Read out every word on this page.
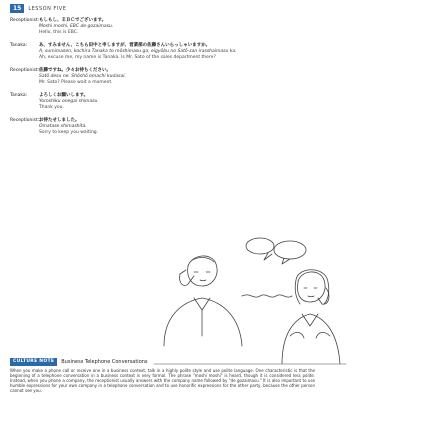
15	LESSON FIVE
Receptionist: もしもし、ＥＢＣでございます。
Moshi moshi, EBC de gozaimasu.
Hello, this is EBC.
Tanaka:	あ、すみません、こちら田中と申しますが、営業部の佐藤さんいらっしゃいますか。
A, sumimasen, kochira Tanaka to mōshimasu ga, eigyōbu no Satō-san irasshaimasu ka.
Ah, excuse me, my name is Tanaka. Is Mr. Sato of the sales department there?
Receptionist: 佐藤ですね。少々お待ちください。
Satō desu ne. Shōshō omachi kudasai.
Mr. Sato? Please wait a moment.
Tanaka:	よろしくお願いします。
Yoroshiku onegai shimasu.
Thank you.
Receptionist: お待たせしました。
Omatase shimashita.
Sorry to keep you waiting.
CULTURE NOTE	Business Telephone Conversations
When you make a phone call or receive one in a business context, talk in a highly polite style and use polite language. One characteristic is that the beginning of a telephone conversation in a business context is very formal. The phrase "moshi moshi" is heard, though it is considered less polite. Instead, when you phone a company, the receptionist usually answers with the company name followed by "de gozaimasu." It is also important to use humble expressions for your own company in a telephone conversation and to use honorific expressions for the other party, because the other person cannot see you.
